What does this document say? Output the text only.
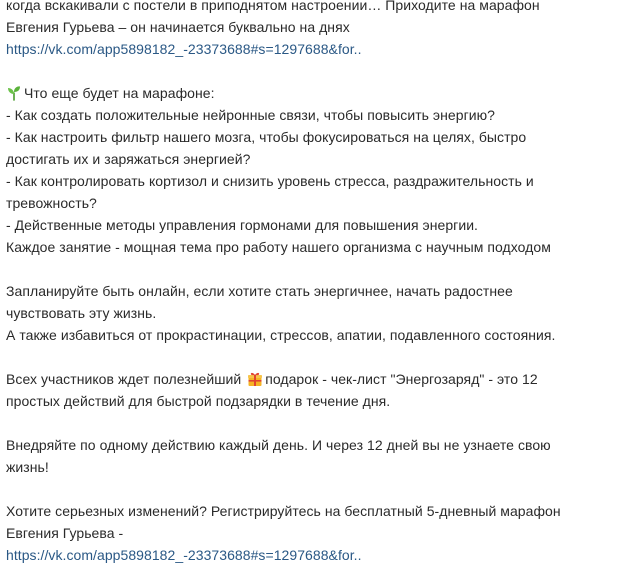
когда вскакивали с постели в приподнятом настроении… Приходите на марафон
Евгения Гурьева – он начинается буквально на днях
https://vk.com/app5898182_-23373688#s=1297688&for..
Что еще будет на марафоне:
- Как создать положительные нейронные связи, чтобы повысить энергию?
- Как настроить фильтр нашего мозга, чтобы фокусироваться на целях, быстро
достигать их и заряжаться энергией?
- Как контролировать кортизол и снизить уровень стресса, раздражительность и
тревожность?
- Действенные методы управления гормонами для повышения энергии.
Каждое занятие - мощная тема про работу нашего организма с научным подходом
Запланируйте быть онлайн, если хотите стать энергичнее, начать радостнее
чувствовать эту жизнь.
А также избавиться от прокрастинации, стрессов, апатии, подавленного состояния.
Всех участников ждет полезнейший подарок - чек-лист "Энергозаряд" - это 12
простых действий для быстрой подзарядки в течение дня.
Внедряйте по одному действию каждый день. И через 12 дней вы не узнаете свою
жизнь!
Хотите серьезных изменений? Регистрируйтесь на бесплатный 5-дневный марафон
Евгения Гурьева -
https://vk.com/app5898182_-23373688#s=1297688&for..
